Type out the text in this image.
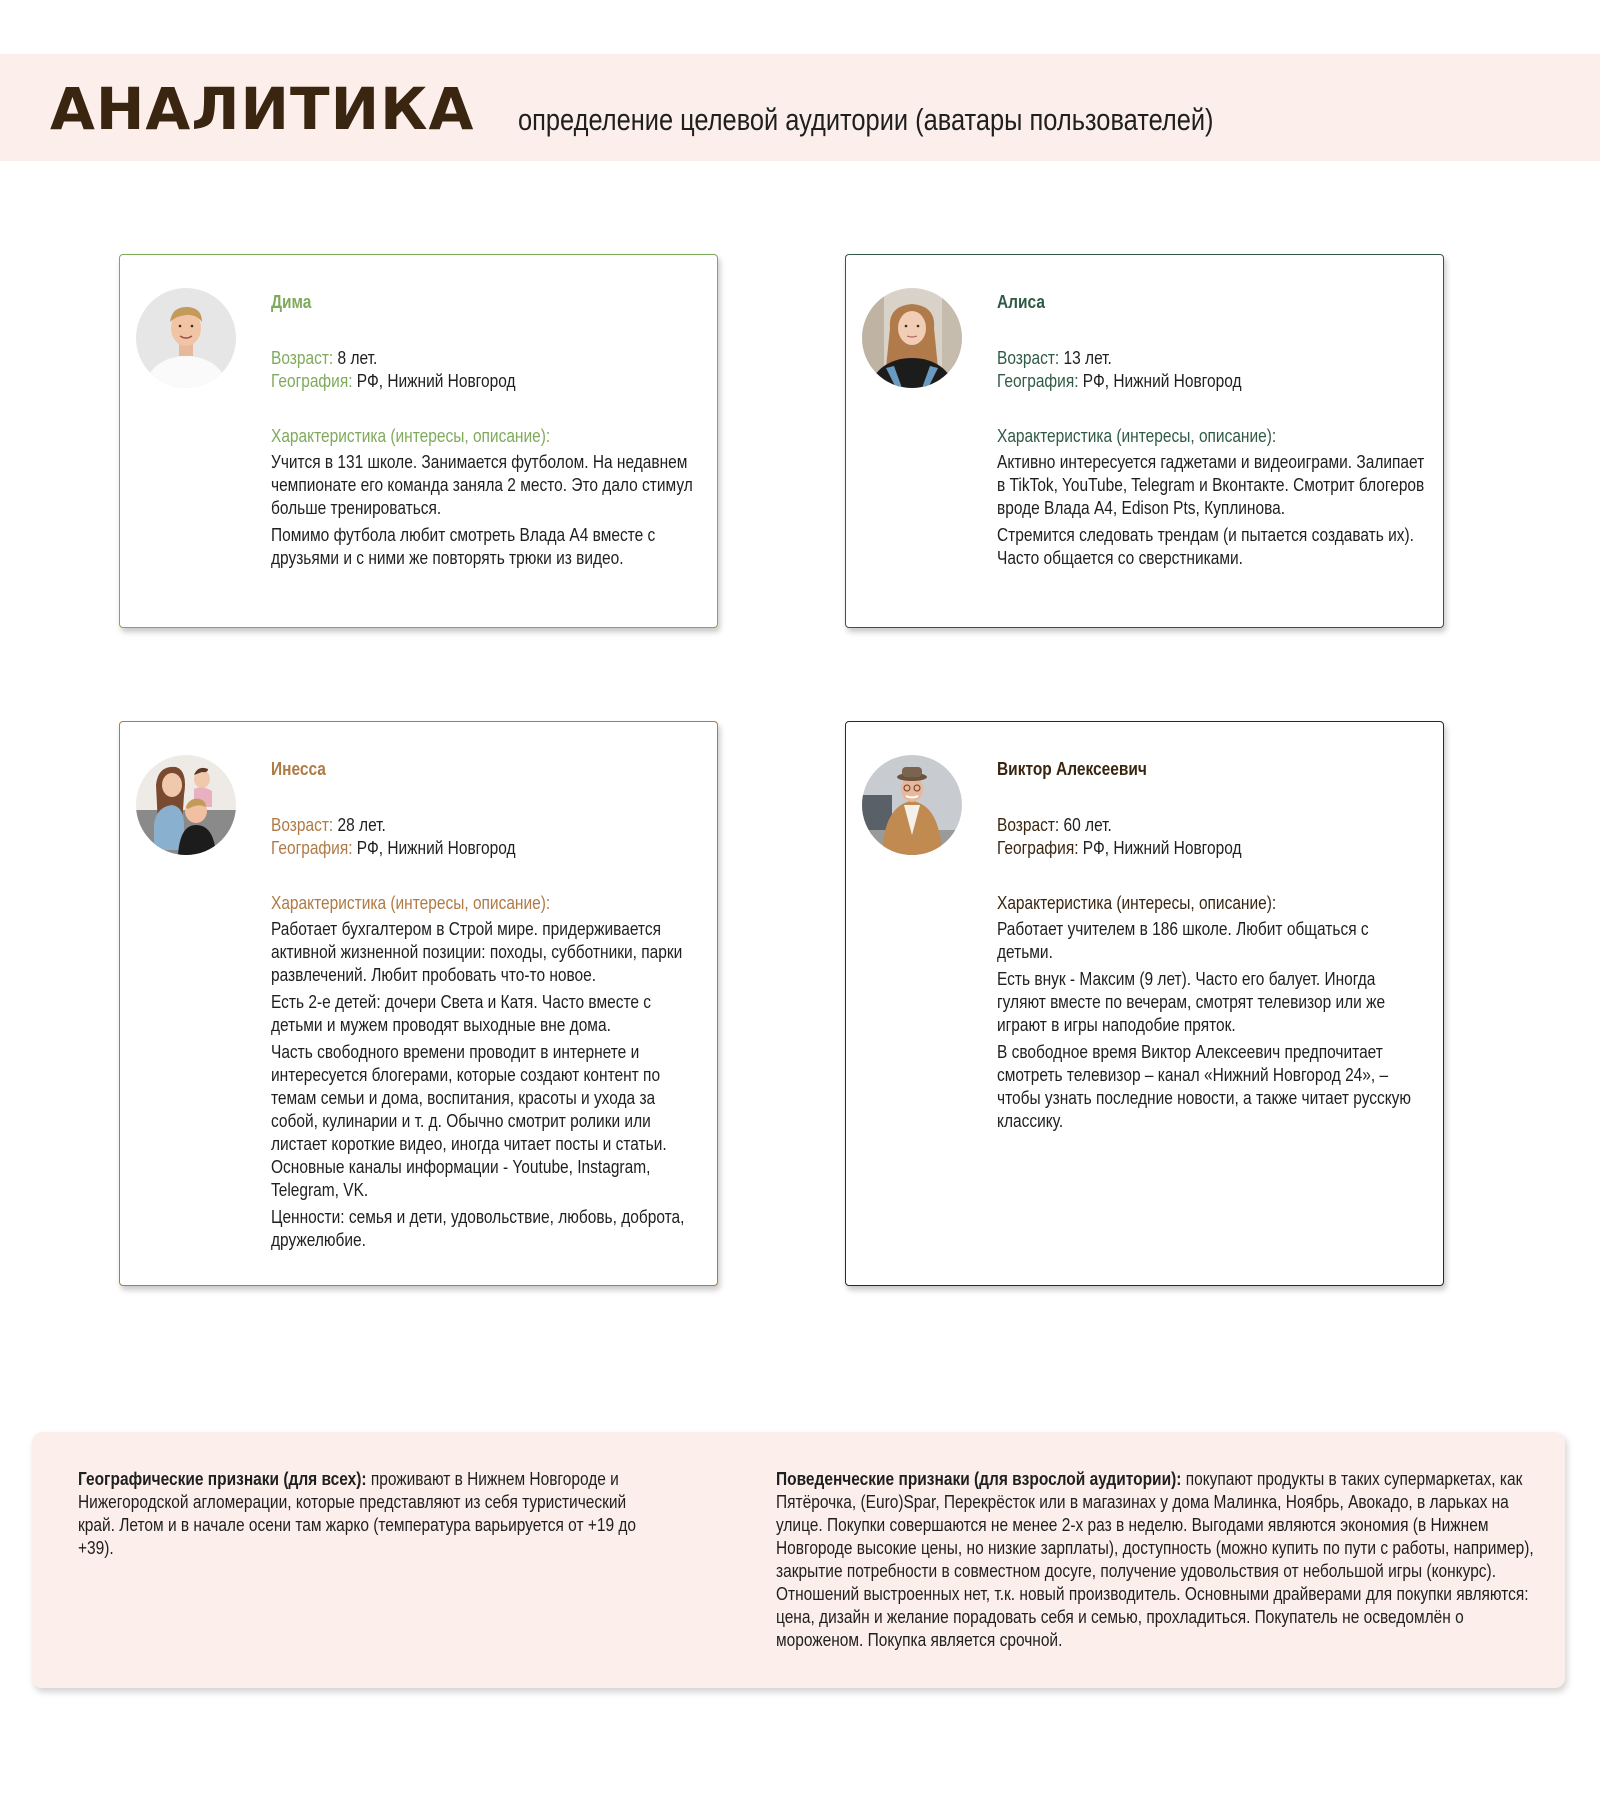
АНАЛИТИКА определение целевой аудитории (аватары пользователей)
Дима
Возраст: 8 лет.
География: РФ, Нижний Новгород
Характеристика (интересы, описание):

Учится в 131 школе. Занимается футболом. На недавнем чемпионате его команда заняла 2 место. Это дало стимул больше тренироваться.

Помимо футбола любит смотреть Влада А4 вместе с друзьями и с ними же повторять трюки из видео.

Алиса
Возраст: 13 лет.
География: РФ, Нижний Новгород
Характеристика (интересы, описание):

Активно интересуется гаджетами и видеоиграми. Залипает в TikTok, YouTube, Telegram и Вконтакте. Смотрит блогеров вроде Влада А4, Edison Pts, Куплинова.

Стремится следовать трендам (и пытается создавать их). Часто общается со сверстниками.

Инесса
Возраст: 28 лет.
География: РФ, Нижний Новгород
Характеристика (интересы, описание):

Работает бухгалтером в Строй мире. придерживается активной жизненной позиции: походы, субботники, парки развлечений. Любит пробовать что-то новое.

Есть 2-е детей: дочери Света и Катя. Часто вместе с детьми и мужем проводят выходные вне дома.

Часть свободного времени проводит в интернете и интересуется блогерами, которые создают контент по темам семьи и дома, воспитания, красоты и ухода за собой, кулинарии и т. д. Обычно смотрит ролики или листает короткие видео, иногда читает посты и статьи. Основные каналы информации - Youtube, Instagram, Telegram, VK.

Ценности: семья и дети, удовольствие, любовь, доброта, дружелюбие.

Виктор Алексеевич
Возраст: 60 лет.
География: РФ, Нижний Новгород
Характеристика (интересы, описание):

Работает учителем в 186 школе. Любит общаться с детьми.

Есть внук - Максим (9 лет). Часто его балует. Иногда гуляют вместе по вечерам, смотрят телевизор или же играют в игры наподобие пряток.

В свободное время Виктор Алексеевич предпочитает смотреть телевизор – канал «Нижний Новгород 24», – чтобы узнать последние новости, а также читает русскую классику.

Географические признаки (для всех): проживают в Нижнем Новгороде и Нижегородской агломерации, которые представляют из себя туристический край. Летом и в начале осени там жарко (температура варьируется от +19 до +39).
Поведенческие признаки (для взрослой аудитории): покупают продукты в таких супермаркетах, как Пятёрочка, (Euro)Spar, Перекрёсток или в магазинах у дома Малинка, Ноябрь, Авокадо, в ларьках на улице. Покупки совершаются не менее 2-х раз в неделю. Выгодами являются экономия (в Нижнем Новгороде высокие цены, но низкие зарплаты), доступность (можно купить по пути с работы, например), закрытие потребности в совместном досуге, получение удовольствия от небольшой игры (конкурс). Отношений выстроенных нет, т.к. новый производитель. Основными драйверами для покупки являются: цена, дизайн и желание порадовать себя и семью, прохладиться. Покупатель не осведомлён о мороженом. Покупка является срочной.
